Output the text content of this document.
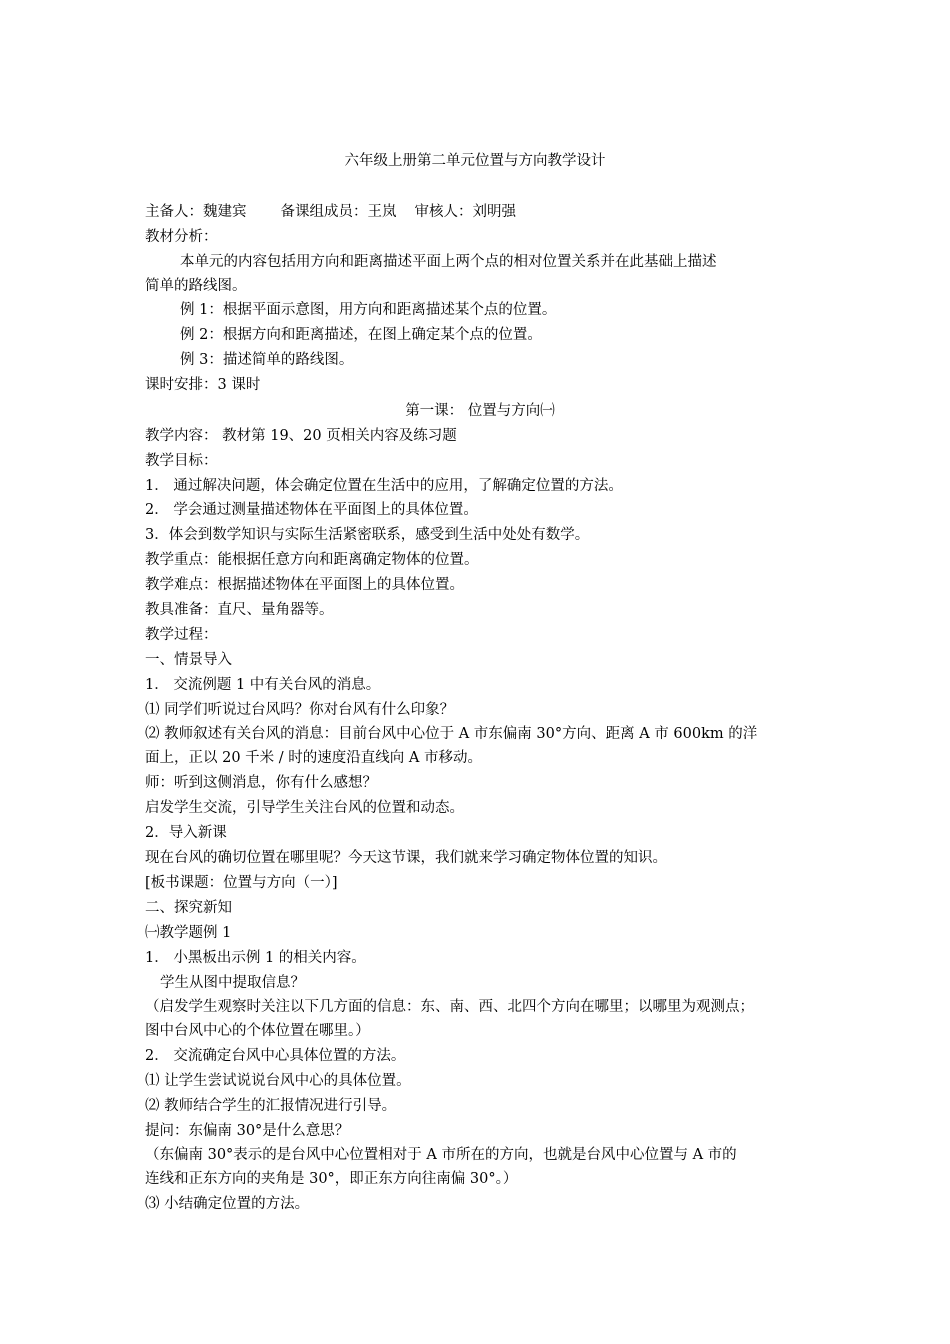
六年级上册第二单元位置与方向教学设计
主备人：魏建宾 备课组成员：王岚 审核人：刘明强
教材分析：
本单元的内容包括用方向和距离描述平面上两个点的相对位置关系并在此基础上描述
简单的路线图。
例 1：根据平面示意图，用方向和距离描述某个点的位置。
例 2：根据方向和距离描述，在图上确定某个点的位置。
例 3：描述简单的路线图。
课时安排：3 课时
第一课： 位置与方向㈠
教学内容： 教材第 19、20 页相关内容及练习题
教学目标：
1． 通过解决问题，体会确定位置在生活中的应用，了解确定位置的方法。
2． 学会通过测量描述物体在平面图上的具体位置。
3．体会到数学知识与实际生活紧密联系，感受到生活中处处有数学。
教学重点：能根据任意方向和距离确定物体的位置。
教学难点：根据描述物体在平面图上的具体位置。
教具准备：直尺、量角器等。
教学过程：
一、情景导入
1． 交流例题 1 中有关台风的消息。
⑴ 同学们听说过台风吗？你对台风有什么印象？
⑵ 教师叙述有关台风的消息：目前台风中心位于 A 市东偏南 30°方向、距离 A 市 600km 的洋
面上，正以 20 千米 / 时的速度沿直线向 A 市移动。
师：听到这侧消息，你有什么感想？
启发学生交流，引导学生关注台风的位置和动态。
2．导入新课
现在台风的确切位置在哪里呢？今天这节课，我们就来学习确定物体位置的知识。
[板书课题：位置与方向（一）]
二、探究新知
㈠教学题例 1
1． 小黑板出示例 1 的相关内容。
学生从图中提取信息？
（启发学生观察时关注以下几方面的信息：东、南、西、北四个方向在哪里；以哪里为观测点；
图中台风中心的个体位置在哪里。）
2． 交流确定台风中心具体位置的方法。
⑴ 让学生尝试说说台风中心的具体位置。
⑵ 教师结合学生的汇报情况进行引导。
提问：东偏南 30°是什么意思？
（东偏南 30°表示的是台风中心位置相对于 A 市所在的方向，也就是台风中心位置与 A 市的
连线和正东方向的夹角是 30°，即正东方向往南偏 30°。）
⑶ 小结确定位置的方法。
